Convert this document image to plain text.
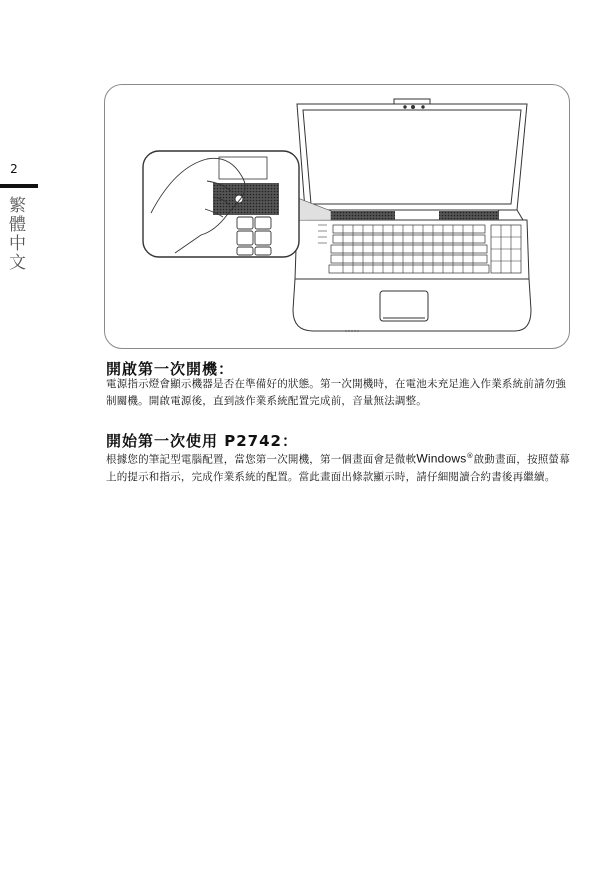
2
繁體中文
開啟第一次開機：
電源指示燈會顯示機器是否在準備好的狀態。第一次開機時，在電池未充足進入作業系統前請勿強制關機。開啟電源後，直到該作業系統配置完成前，音量無法調整。
開始第一次使用 P2742：
根據您的筆記型電腦配置，當您第一次開機，第一個畫面會是微軟Windows®啟動畫面，按照螢幕上的提示和指示，完成作業系統的配置。當此畫面出條款顯示時，請仔細閱讀合約書後再繼續。
